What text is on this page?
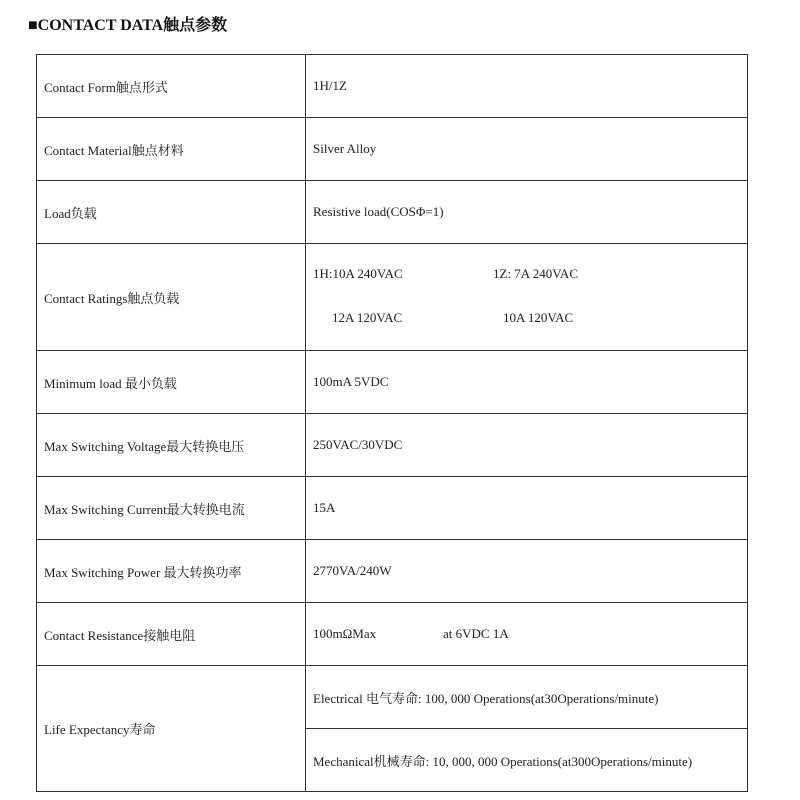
■CONTACT DATA触点参数
Contact Form触点形式	1H/1Z
Contact Material触点材料	Silver Alloy
Load负载	Resistive load(COSΦ=1)
Contact Ratings触点负载	1H:10A 240VAC 1Z: 7A 240VAC
12A 120VAC 10A 120VAC

Minimum load 最小负载	100mA 5VDC
Max Switching Voltage最大转换电压	250VAC/30VDC
Max Switching Current最大转换电流	15A
Max Switching Power 最大转换功率	2770VA/240W
Contact Resistance接触电阻	100mΩMax at 6VDC 1A
Life Expectancy寿命	Electrical 电气寿命: 100, 000 Operations(at30Operations/minute)
	Mechanical机械寿命: 10, 000, 000 Operations(at300Operations/minute)
